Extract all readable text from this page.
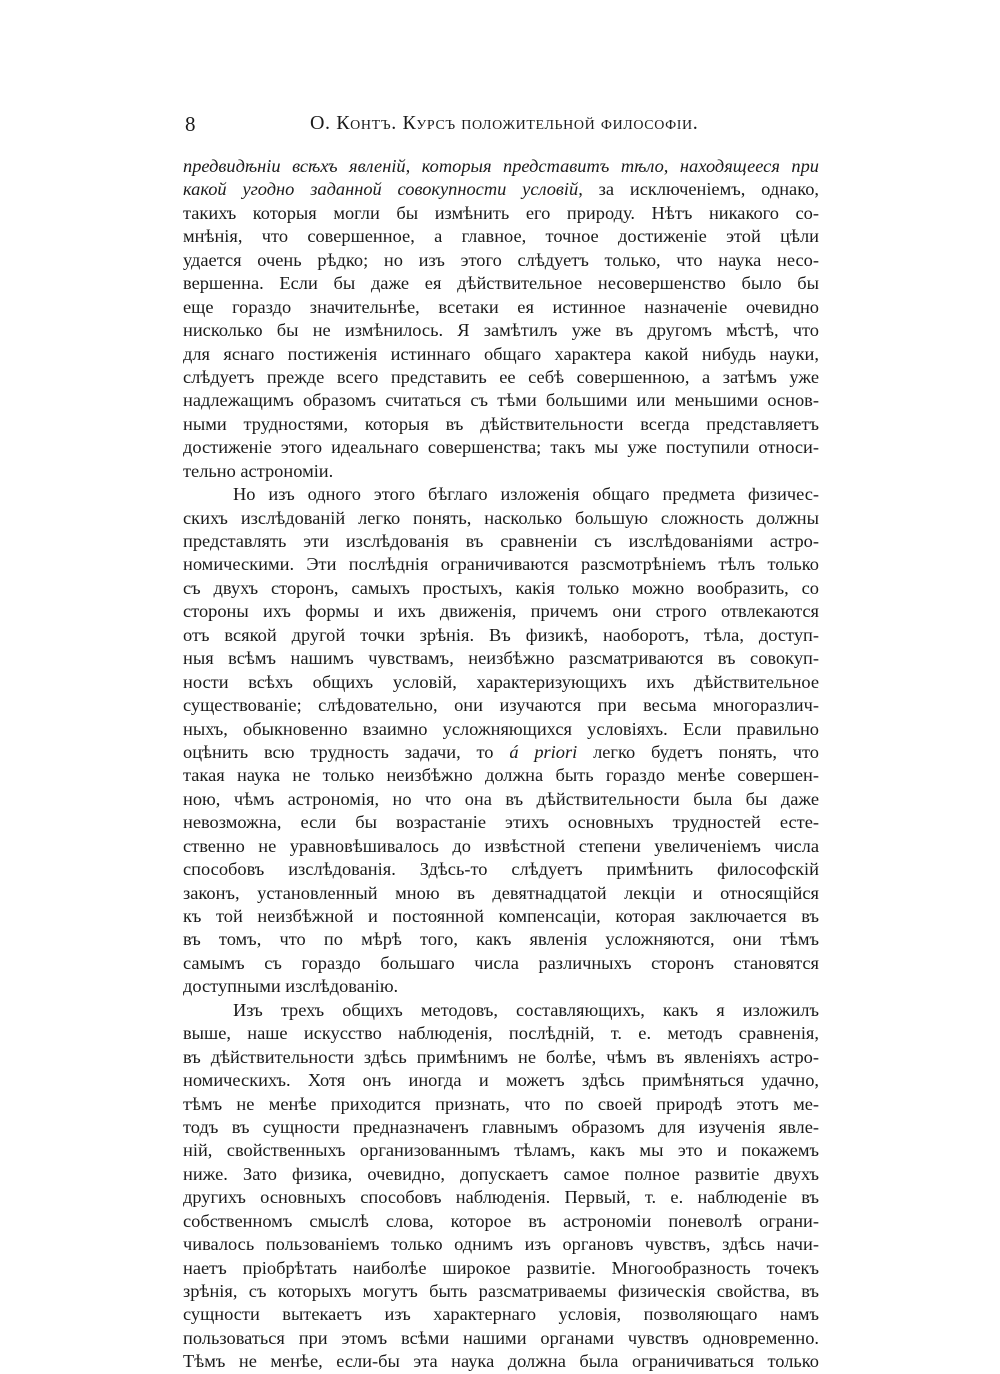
8	О. Контъ. Курсъ положительной философіи.
предвидѣніи всѣхъ явленій, которыя представитъ тѣло, находящееся при
какой угодно заданной совокупности условій, за исключеніемъ, однако,
такихъ которыя могли бы измѣнить его природу. Нѣтъ никакого со-
мнѣнія, что совершенное, а главное, точное достиженіе этой цѣли
удается очень рѣдко; но изъ этого слѣдуетъ только, что наука несо-
вершенна. Если бы даже ея дѣйствительное несовершенство было бы
еще гораздо значительнѣе, всетаки ея истинное назначеніе очевидно
нисколько бы не измѣнилось. Я замѣтилъ уже въ другомъ мѣстѣ, что
для яснаго постиженія истиннаго общаго характера какой нибудь науки,
слѣдуетъ прежде всего представить ее себѣ совершенною, а затѣмъ уже
надлежащимъ образомъ считаться съ тѣми большими или меньшими основ-
ными трудностями, которыя въ дѣйствительности всегда представляетъ
достиженіе этого идеальнаго совершенства; такъ мы уже поступили относи-
тельно астрономіи.
Но изъ одного этого бѣглаго изложенія общаго предмета физичес-
скихъ изслѣдованій легко понять, насколько большую сложность должны
представлять эти изслѣдованія въ сравненіи съ изслѣдованіями астро-
номическими. Эти послѣднія ограничиваются разсмотрѣніемъ тѣлъ только
съ двухъ сторонъ, самыхъ простыхъ, какія только можно вообразить, со
стороны ихъ формы и ихъ движенія, причемъ они строго отвлекаются
отъ всякой другой точки зрѣнія. Въ физикѣ, наоборотъ, тѣла, доступ-
ныя всѣмъ нашимъ чувствамъ, неизбѣжно разсматриваются въ совокуп-
ности всѣхъ общихъ условій, характеризующихъ ихъ дѣйствительное
существованіе; слѣдовательно, они изучаются при весьма многоразлич-
ныхъ, обыкновенно взаимно усложняющихся условіяхъ. Если правильно
оцѣнить всю трудность задачи, то á priori легко будетъ понять, что
такая наука не только неизбѣжно должна быть гораздо менѣе совершен-
ною, чѣмъ астрономія, но что она въ дѣйствительности была бы даже
невозможна, если бы возрастаніе этихъ основныхъ трудностей есте-
ственно не уравновѣшивалось до извѣстной степени увеличеніемъ числа
способовъ изслѣдованія. Здѣсь-то слѣдуетъ примѣнить философскій
законъ, установленный мною въ девятнадцатой лекціи и относящійся
къ той неизбѣжной и постоянной компенсаціи, которая заключается въ
въ томъ, что по мѣрѣ того, какъ явленія усложняются, они тѣмъ
самымъ съ гораздо большаго числа различныхъ сторонъ становятся
доступными изслѣдованію.
Изъ трехъ общихъ методовъ, составляющихъ, какъ я изложилъ
выше, наше искусство наблюденія, послѣдній, т. е. методъ сравненія,
въ дѣйствительности здѣсь примѣнимъ не болѣе, чѣмъ въ явленіяхъ астро-
номическихъ. Хотя онъ иногда и можетъ здѣсь примѣняться удачно,
тѣмъ не менѣе приходится признать, что по своей природѣ этотъ ме-
тодъ въ сущности предназначенъ главнымъ образомъ для изученія явле-
ній, свойственныхъ организованнымъ тѣламъ, какъ мы это и покажемъ
ниже. Зато физика, очевидно, допускаетъ самое полное развитіе двухъ
другихъ основныхъ способовъ наблюденія. Первый, т. е. наблюденіе въ
собственномъ смыслѣ слова, которое въ астрономіи поневолѣ ограни-
чивалось пользованіемъ только однимъ изъ органовъ чувствъ, здѣсь начи-
наетъ пріобрѣтать наиболѣе широкое развитіе. Многообразность точекъ
зрѣнія, съ которыхъ могутъ быть разсматриваемы физическія свойства, въ
сущности вытекаетъ изъ характернаго условія, позволяющаго намъ
пользоваться при этомъ всѣми нашими органами чувствъ одновременно.
Тѣмъ не менѣе, если-бы эта наука должна была ограничиваться только
